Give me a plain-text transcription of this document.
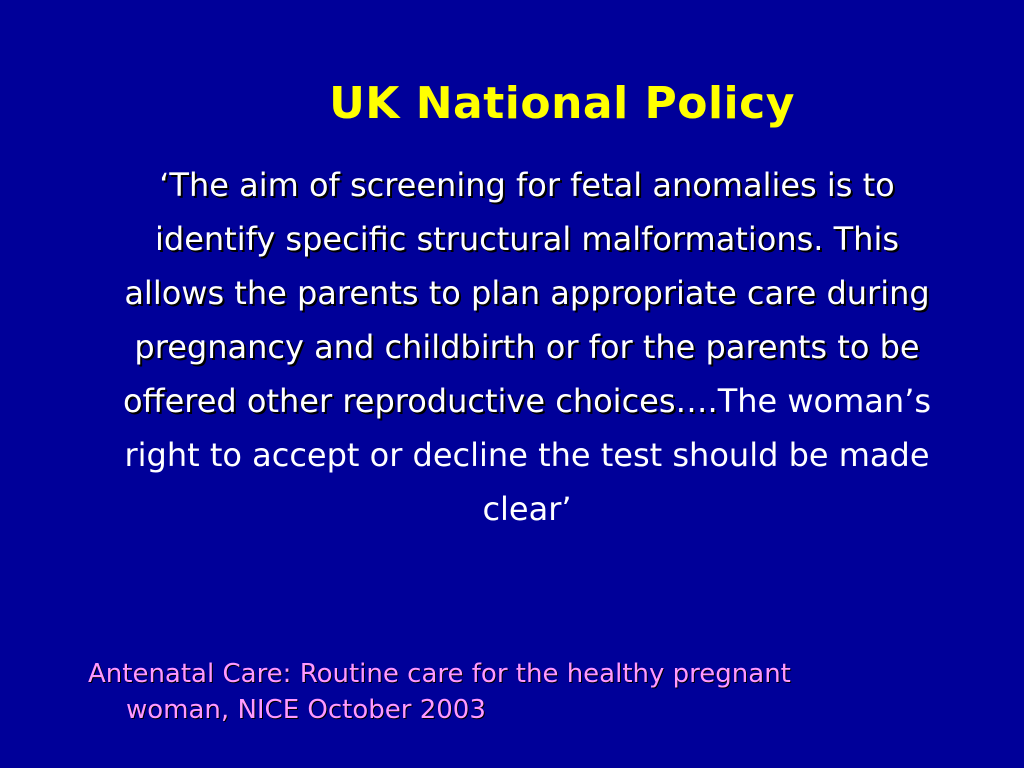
UK National Policy

‘The aim of screening for fetal anomalies is to identify specific structural malformations. This allows the parents to plan appropriate care during pregnancy and childbirth or for the parents to be offered other reproductive choices….The woman’s right to accept or decline the test should be made clear’

Antenatal Care: Routine care for the healthy pregnant woman, NICE October 2003
